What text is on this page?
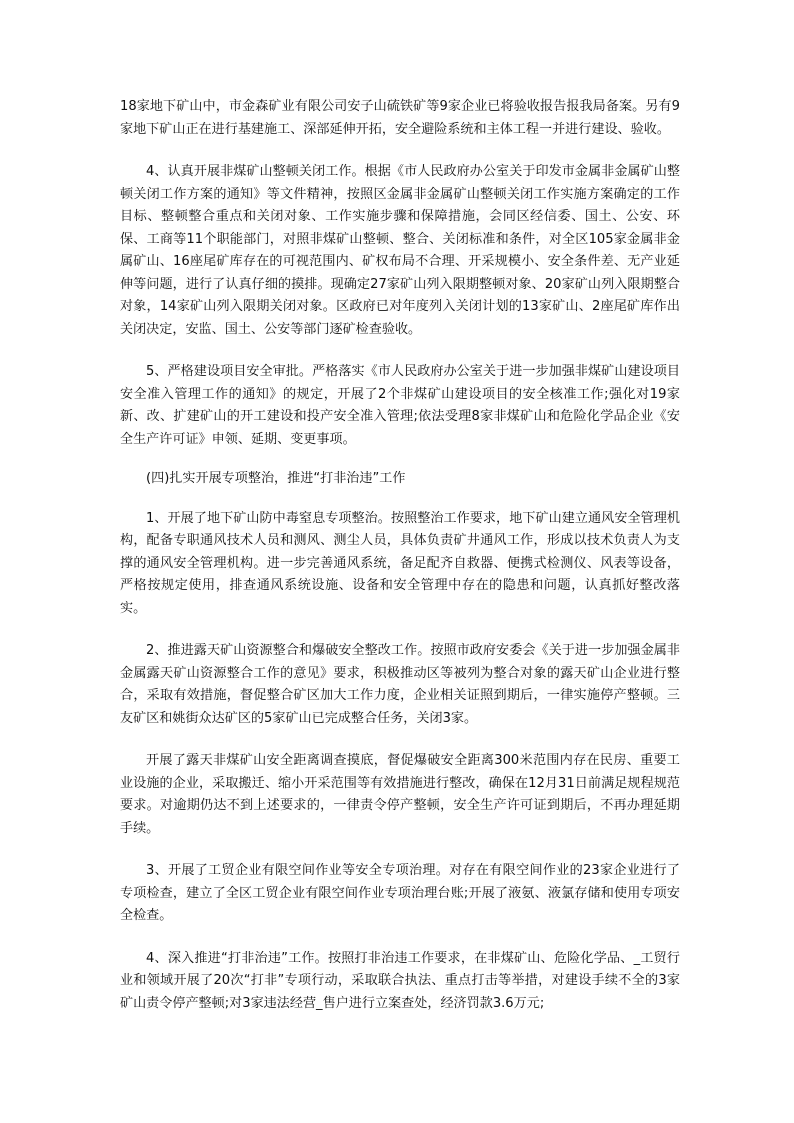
18家地下矿山中，市金森矿业有限公司安子山硫铁矿等9家企业已将验收报告报我局备案。另有9家地下矿山正在进行基建施工、深部延伸开拓，安全避险系统和主体工程一并进行建设、验收。

4、认真开展非煤矿山整顿关闭工作。根据《市人民政府办公室关于印发市金属非金属矿山整顿关闭工作方案的通知》等文件精神，按照区金属非金属矿山整顿关闭工作实施方案确定的工作目标、整顿整合重点和关闭对象、工作实施步骤和保障措施，会同区经信委、国土、公安、环保、工商等11个职能部门，对照非煤矿山整顿、整合、关闭标准和条件，对全区105家金属非金属矿山、16座尾矿库存在的可视范围内、矿权布局不合理、开采规模小、安全条件差、无产业延伸等问题，进行了认真仔细的摸排。现确定27家矿山列入限期整顿对象、20家矿山列入限期整合对象，14家矿山列入限期关闭对象。区政府已对年度列入关闭计划的13家矿山、2座尾矿库作出关闭决定，安监、国土、公安等部门逐矿检查验收。

5、严格建设项目安全审批。严格落实《市人民政府办公室关于进一步加强非煤矿山建设项目安全准入管理工作的通知》的规定，开展了2个非煤矿山建设项目的安全核准工作;强化对19家新、改、扩建矿山的开工建设和投产安全准入管理;依法受理8家非煤矿山和危险化学品企业《安全生产许可证》申领、延期、变更事项。

(四)扎实开展专项整治，推进“打非治违”工作

1、开展了地下矿山防中毒窒息专项整治。按照整治工作要求，地下矿山建立通风安全管理机构，配备专职通风技术人员和测风、测尘人员，具体负责矿井通风工作，形成以技术负责人为支撑的通风安全管理机构。进一步完善通风系统，备足配齐自救器、便携式检测仪、风表等设备，严格按规定使用，排查通风系统设施、设备和安全管理中存在的隐患和问题，认真抓好整改落实。

2、推进露天矿山资源整合和爆破安全整改工作。按照市政府安委会《关于进一步加强金属非金属露天矿山资源整合工作的意见》要求，积极推动区等被列为整合对象的露天矿山企业进行整合，采取有效措施，督促整合矿区加大工作力度，企业相关证照到期后，一律实施停产整顿。三友矿区和姚街众达矿区的5家矿山已完成整合任务，关闭3家。

开展了露天非煤矿山安全距离调查摸底，督促爆破安全距离300米范围内存在民房、重要工业设施的企业，采取搬迁、缩小开采范围等有效措施进行整改，确保在12月31日前满足规程规范要求。对逾期仍达不到上述要求的，一律责令停产整顿，安全生产许可证到期后，不再办理延期手续。

3、开展了工贸企业有限空间作业等安全专项治理。对存在有限空间作业的23家企业进行了专项检查，建立了全区工贸企业有限空间作业专项治理台账;开展了液氨、液氯存储和使用专项安全检查。

4、深入推进“打非治违”工作。按照打非治违工作要求，在非煤矿山、危险化学品、_工贸行业和领域开展了20次“打非”专项行动，采取联合执法、重点打击等举措，对建设手续不全的3家矿山责令停产整顿;对3家违法经营_售户进行立案查处，经济罚款3.6万元;
